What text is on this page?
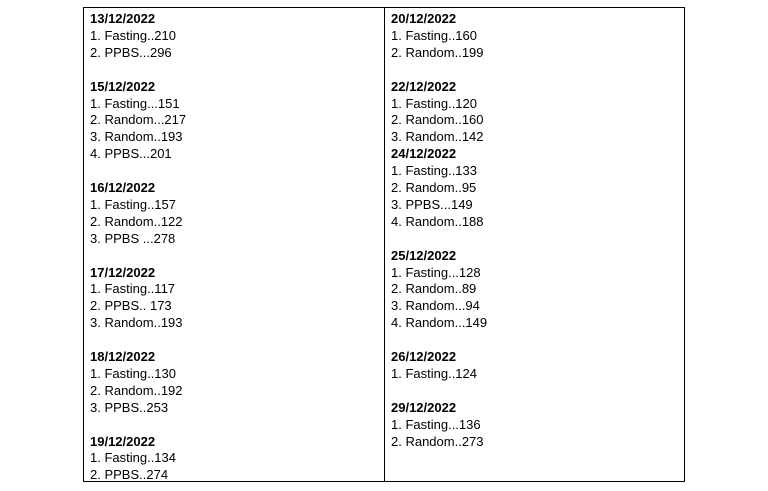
13/12/2022
1. Fasting..210
2. PPBS...296
15/12/2022
1. Fasting...151
2. Random...217
3. Random..193
4. PPBS...201
16/12/2022
1. Fasting..157
2. Random..122
3. PPBS ...278
17/12/2022
1. Fasting..117
2. PPBS.. 173
3. Random..193
18/12/2022
1. Fasting..130
2. Random..192
3. PPBS..253
19/12/2022
1. Fasting..134
2. PPBS..274
20/12/2022
1. Fasting..160
2. Random..199
22/12/2022
1. Fasting..120
2. Random..160
3. Random..142
24/12/2022
1. Fasting..133
2. Random..95
3. PPBS...149
4. Random..188
25/12/2022
1. Fasting...128
2. Random..89
3. Random...94
4. Random...149
26/12/2022
1. Fasting..124
29/12/2022
1. Fasting...136
2. Random..273
